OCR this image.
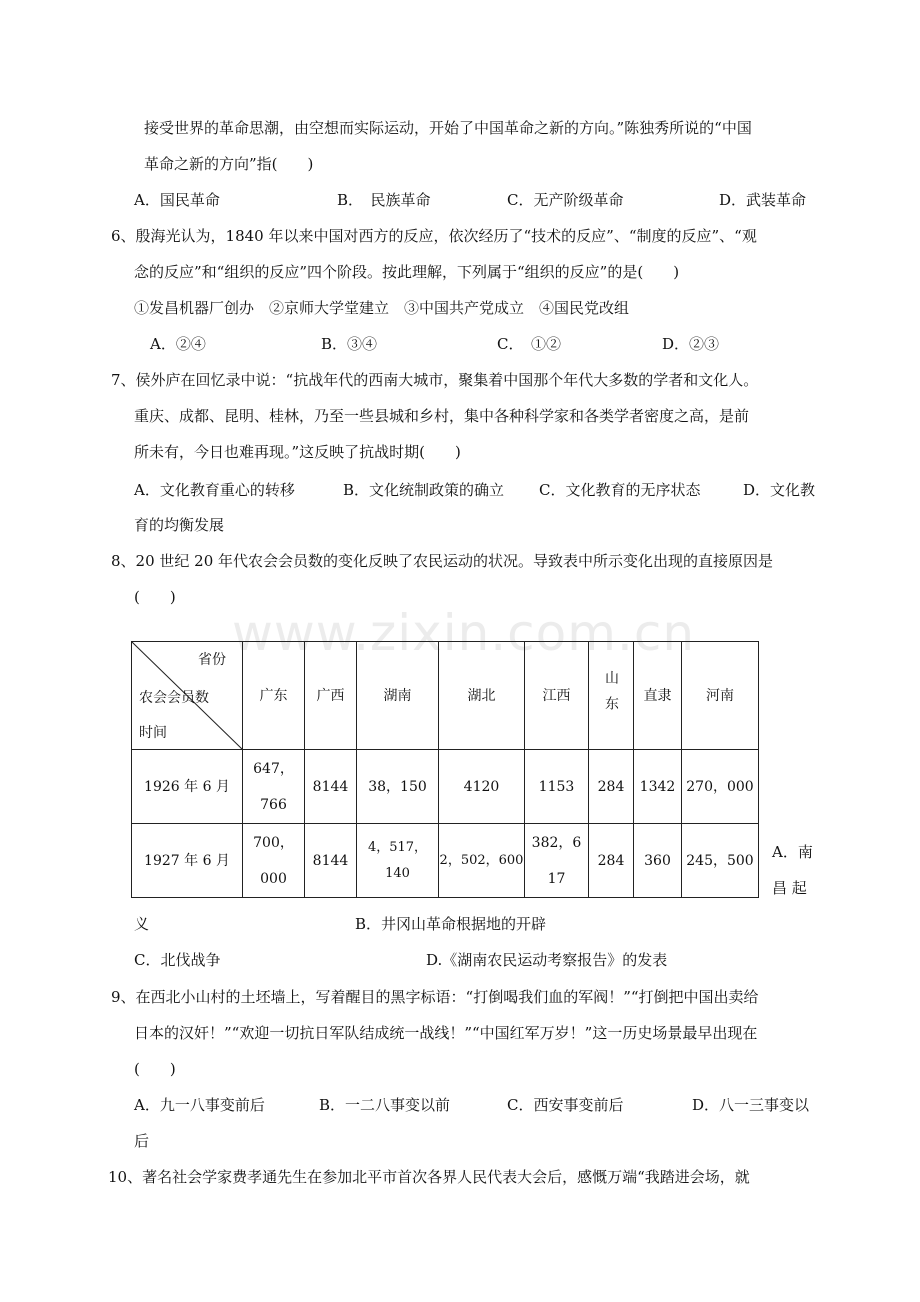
www.zixin.com.cn
接受世界的革命思潮，由空想而实际运动，开始了中国革命之新的方向。”陈独秀所说的“中国
革命之新的方向”指(　　)
A．国民革命	B．　民族革命	C．无产阶级革命	D．武装革命
6、殷海光认为，1840 年以来中国对西方的反应，依次经历了“技术的反应”、“制度的反应”、“观
念的反应”和“组织的反应”四个阶段。按此理解，下列属于“组织的反应”的是(　　)
①发昌机器厂创办　②京师大学堂建立　③中国共产党成立　④国民党改组
A．②④	B．③④	C．　①②	D．②③
7、侯外庐在回忆录中说：“抗战年代的西南大城市，聚集着中国那个年代大多数的学者和文化人。
重庆、成都、昆明、桂林，乃至一些县城和乡村，集中各种科学家和各类学者密度之高，是前
所未有，今日也难再现。”这反映了抗战时期(　　)
A．文化教育重心的转移	B．文化统制政策的确立 C．文化教育的无序状态	D．文化教
育的均衡发展
8、20 世纪 20 年代农会会员数的变化反映了农民运动的状况。导致表中所示变化出现的直接原因是
(　　)
省份
农会会员数
时间	广东	广西	湖南	湖北	江西	山东	直隶	河南
1926 年 6 月	647，766	8144	38，150	4120	1153	284	1342	270，000
1927 年 6 月	700，000	8144	4，517，140	2，502，600	382，617	284	360	245，500 A．南
昌 起
义	B．井冈山革命根据地的开辟
C．北伐战争	D.《湖南农民运动考察报告》的发表
9、在西北小山村的土坯墙上，写着醒目的黑字标语：“打倒喝我们血的军阀！”“打倒把中国出卖给
日本的汉奸！”“欢迎一切抗日军队结成统一战线！”“中国红军万岁！”这一历史场景最早出现在
(　　)
A．九一八事变前后	B．一二八事变以前	C．西安事变前后	D．八一三事变以
后
10、著名社会学家费孝通先生在参加北平市首次各界人民代表大会后，感慨万端“我踏进会场，就
